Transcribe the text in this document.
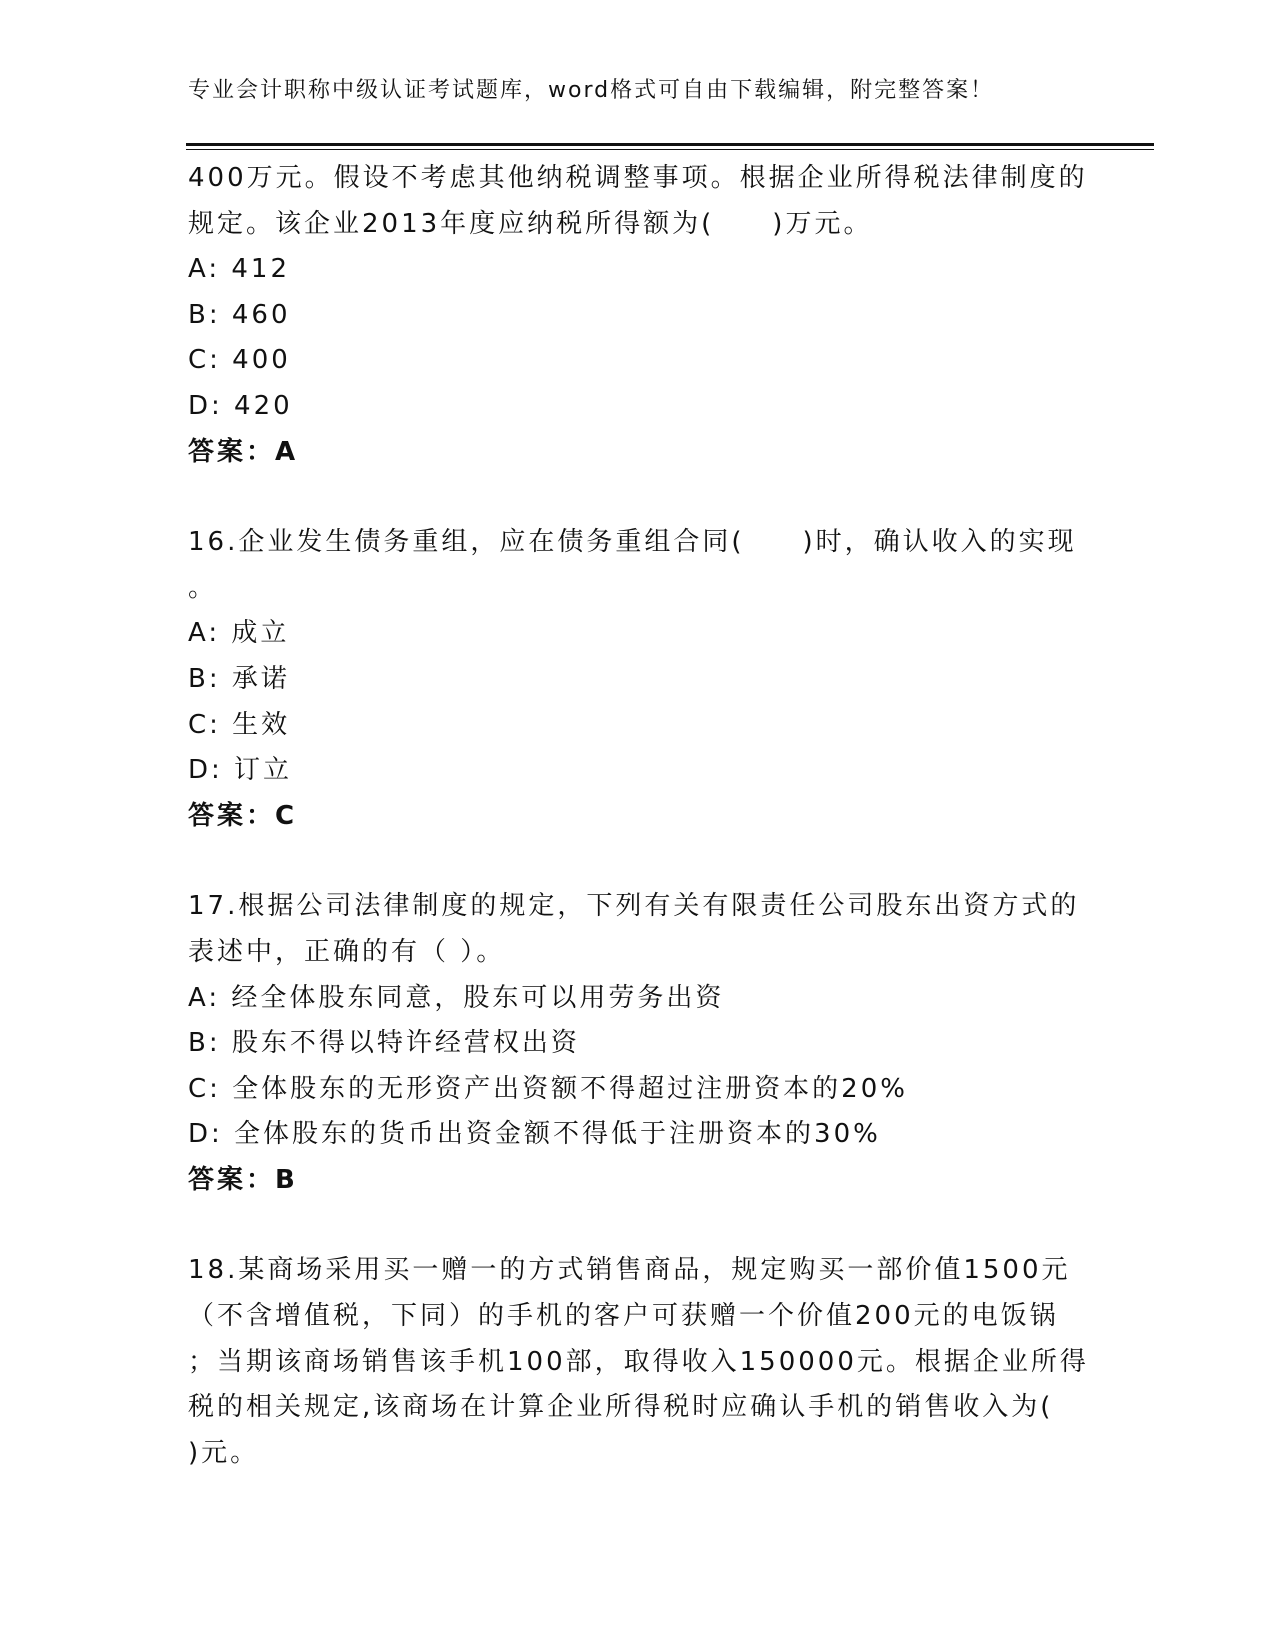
专业会计职称中级认证考试题库，word格式可自由下载编辑，附完整答案！
400万元。假设不考虑其他纳税调整事项。根据企业所得税法律制度的
规定。该企业2013年度应纳税所得额为(　　)万元。
A: 412
B: 460
C: 400
D: 420
答案：A
16.企业发生债务重组，应在债务重组合同(　　)时，确认收入的实现
。
A: 成立
B: 承诺
C: 生效
D: 订立
答案：C
17.根据公司法律制度的规定，下列有关有限责任公司股东出资方式的
表述中，正确的有（ ）。
A: 经全体股东同意，股东可以用劳务出资
B: 股东不得以特许经营权出资
C: 全体股东的无形资产出资额不得超过注册资本的20%
D: 全体股东的货币出资金额不得低于注册资本的30%
答案：B
18.某商场采用买一赠一的方式销售商品，规定购买一部价值1500元
（不含增值税，下同）的手机的客户可获赠一个价值200元的电饭锅
；当期该商场销售该手机100部，取得收入150000元。根据企业所得
税的相关规定,该商场在计算企业所得税时应确认手机的销售收入为(
)元。
